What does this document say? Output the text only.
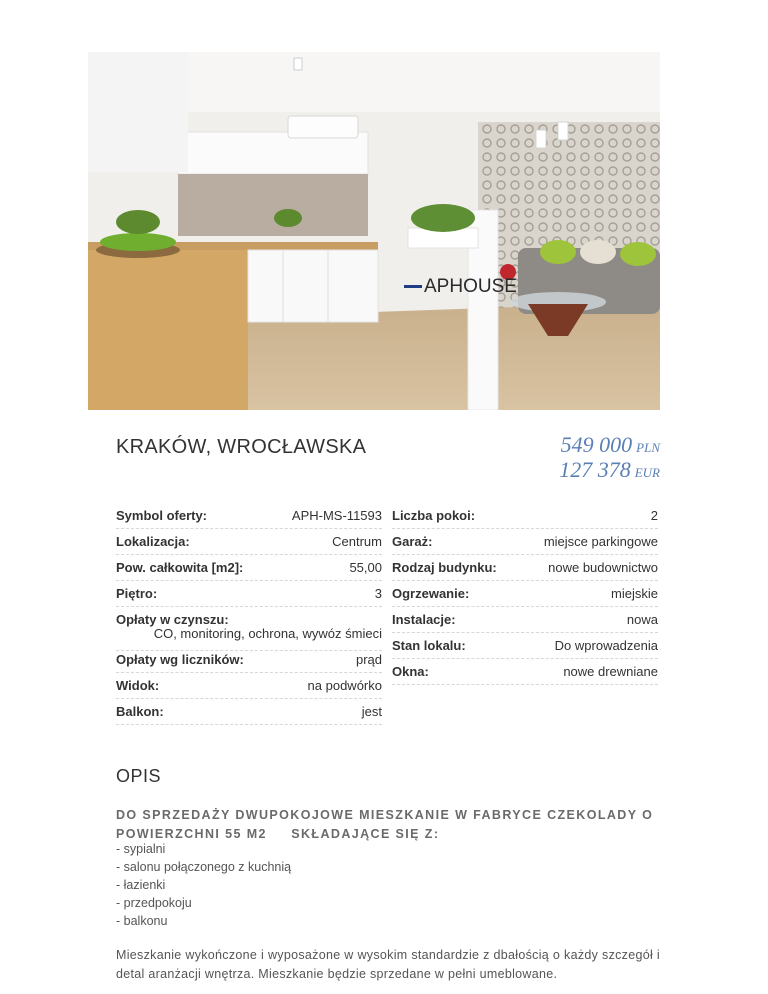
APHOUSE
KRAKÓW, WROCŁAWSKA	549 000 PLN
127 378 EUR
Symbol oferty:	APH-MS-11593
Lokalizacja:	Centrum
Pow. całkowita [m2]:	55,00
Piętro:	3
Opłaty w czynszu:
CO, monitoring, ochrona, wywóz śmieci
Opłaty wg liczników:	prąd
Widok:	na podwórko
Balkon:	jest
Liczba pokoi:	2
Garaż:	miejsce parkingowe
Rodzaj budynku:	nowe budownictwo
Ogrzewanie:	miejskie
Instalacje:	nowa
Stan lokalu:	Do wprowadzenia
Okna:	nowe drewniane
OPIS
DO SPRZEDAŻY DWUPOKOJOWE MIESZKANIE W FABRYCE CZEKOLADY O POWIERZCHNI 55 M2     SKŁADAJĄCE SIĘ Z:
- sypialni
- salonu połączonego z kuchnią
- łazienki
- przedpokoju
- balkonu
Mieszkanie wykończone i wyposażone w wysokim standardzie z dbałością o każdy szczegół i detal aranżacji wnętrza. Mieszkanie będzie sprzedane w pełni umeblowane.
